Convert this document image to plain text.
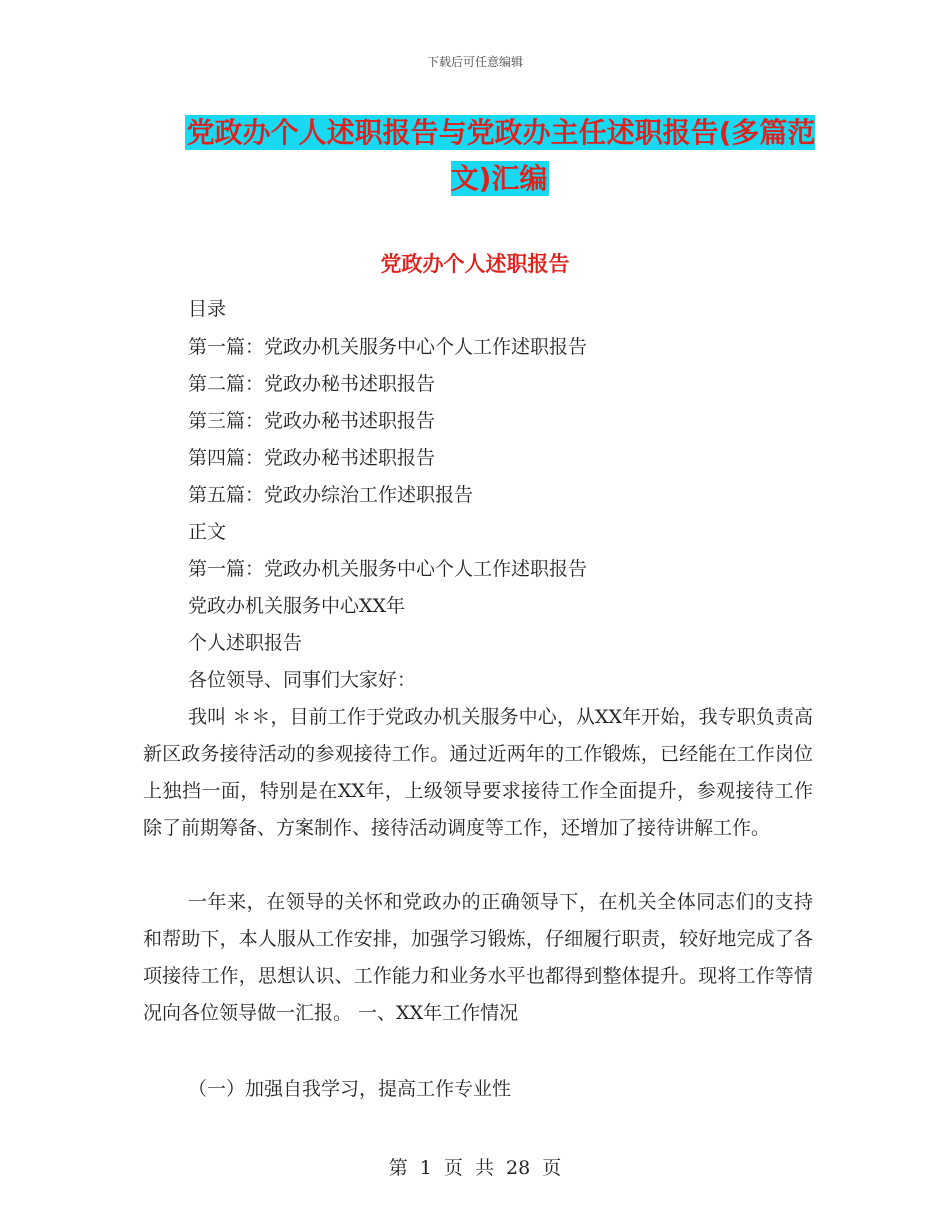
下载后可任意编辑
党政办个人述职报告与党政办主任述职报告(多篇范文)汇编
党政办个人述职报告
目录
第一篇：党政办机关服务中心个人工作述职报告
第二篇：党政办秘书述职报告
第三篇：党政办秘书述职报告
第四篇：党政办秘书述职报告
第五篇：党政办综治工作述职报告
正文
第一篇：党政办机关服务中心个人工作述职报告
党政办机关服务中心XX年
个人述职报告
各位领导、同事们大家好：

我叫 ＊＊，目前工作于党政办机关服务中心，从XX年开始，我专职负责高新区政务接待活动的参观接待工作。通过近两年的工作锻炼，已经能在工作岗位上独挡一面，特别是在XX年，上级领导要求接待工作全面提升，参观接待工作除了前期筹备、方案制作、接待活动调度等工作，还增加了接待讲解工作。

一年来，在领导的关怀和党政办的正确领导下，在机关全体同志们的支持和帮助下，本人服从工作安排，加强学习锻炼，仔细履行职责，较好地完成了各项接待工作，思想认识、工作能力和业务水平也都得到整体提升。现将工作等情况向各位领导做一汇报。 一、XX年工作情况

（一）加强自我学习，提高工作专业性
第 1 页 共 28 页
